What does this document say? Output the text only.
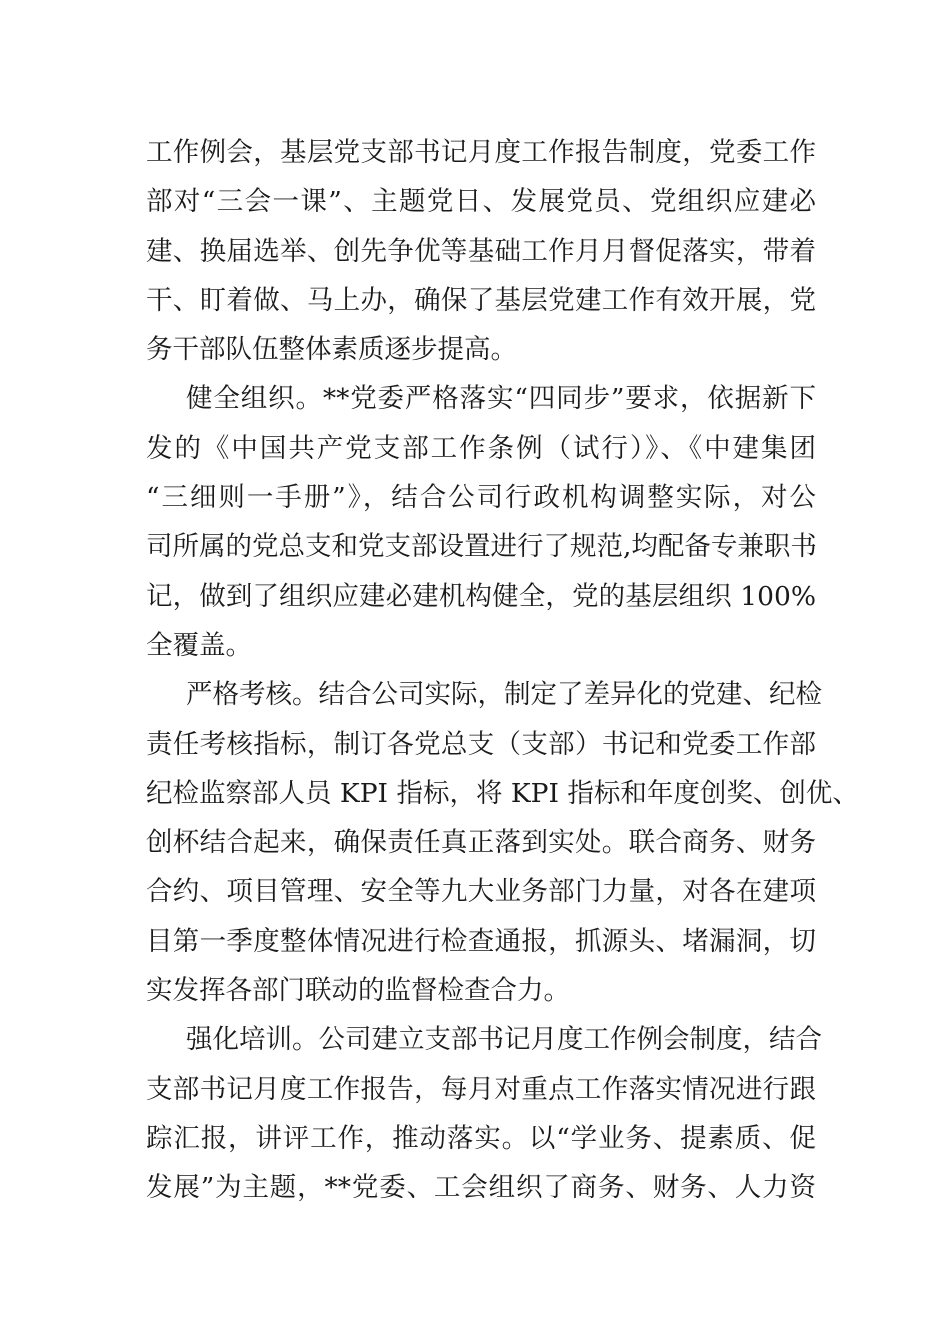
工作例会，基层党支部书记月度工作报告制度，党委工作
部对“三会一课”、主题党日、发展党员、党组织应建必
建、换届选举、创先争优等基础工作月月督促落实，带着
干、盯着做、马上办，确保了基层党建工作有效开展，党
务干部队伍整体素质逐步提高。

健全组织。**党委严格落实“四同步”要求，依据新下
发的《中国共产党支部工作条例（试行）》、《中建集团
“三细则一手册”》，结合公司行政机构调整实际，对公
司所属的党总支和党支部设置进行了规范,均配备专兼职书
记，做到了组织应建必建机构健全，党的基层组织 100%
全覆盖。

严格考核。结合公司实际，制定了差异化的党建、纪检
责任考核指标，制订各党总支（支部）书记和党委工作部
纪检监察部人员 KPI 指标，将 KPI 指标和年度创奖、创优、
创杯结合起来，确保责任真正落到实处。联合商务、财务
合约、项目管理、安全等九大业务部门力量，对各在建项
目第一季度整体情况进行检查通报，抓源头、堵漏洞，切
实发挥各部门联动的监督检查合力。

强化培训。公司建立支部书记月度工作例会制度，结合
支部书记月度工作报告，每月对重点工作落实情况进行跟
踪汇报，讲评工作，推动落实。以“学业务、提素质、促
发展”为主题，**党委、工会组织了商务、财务、人力资
